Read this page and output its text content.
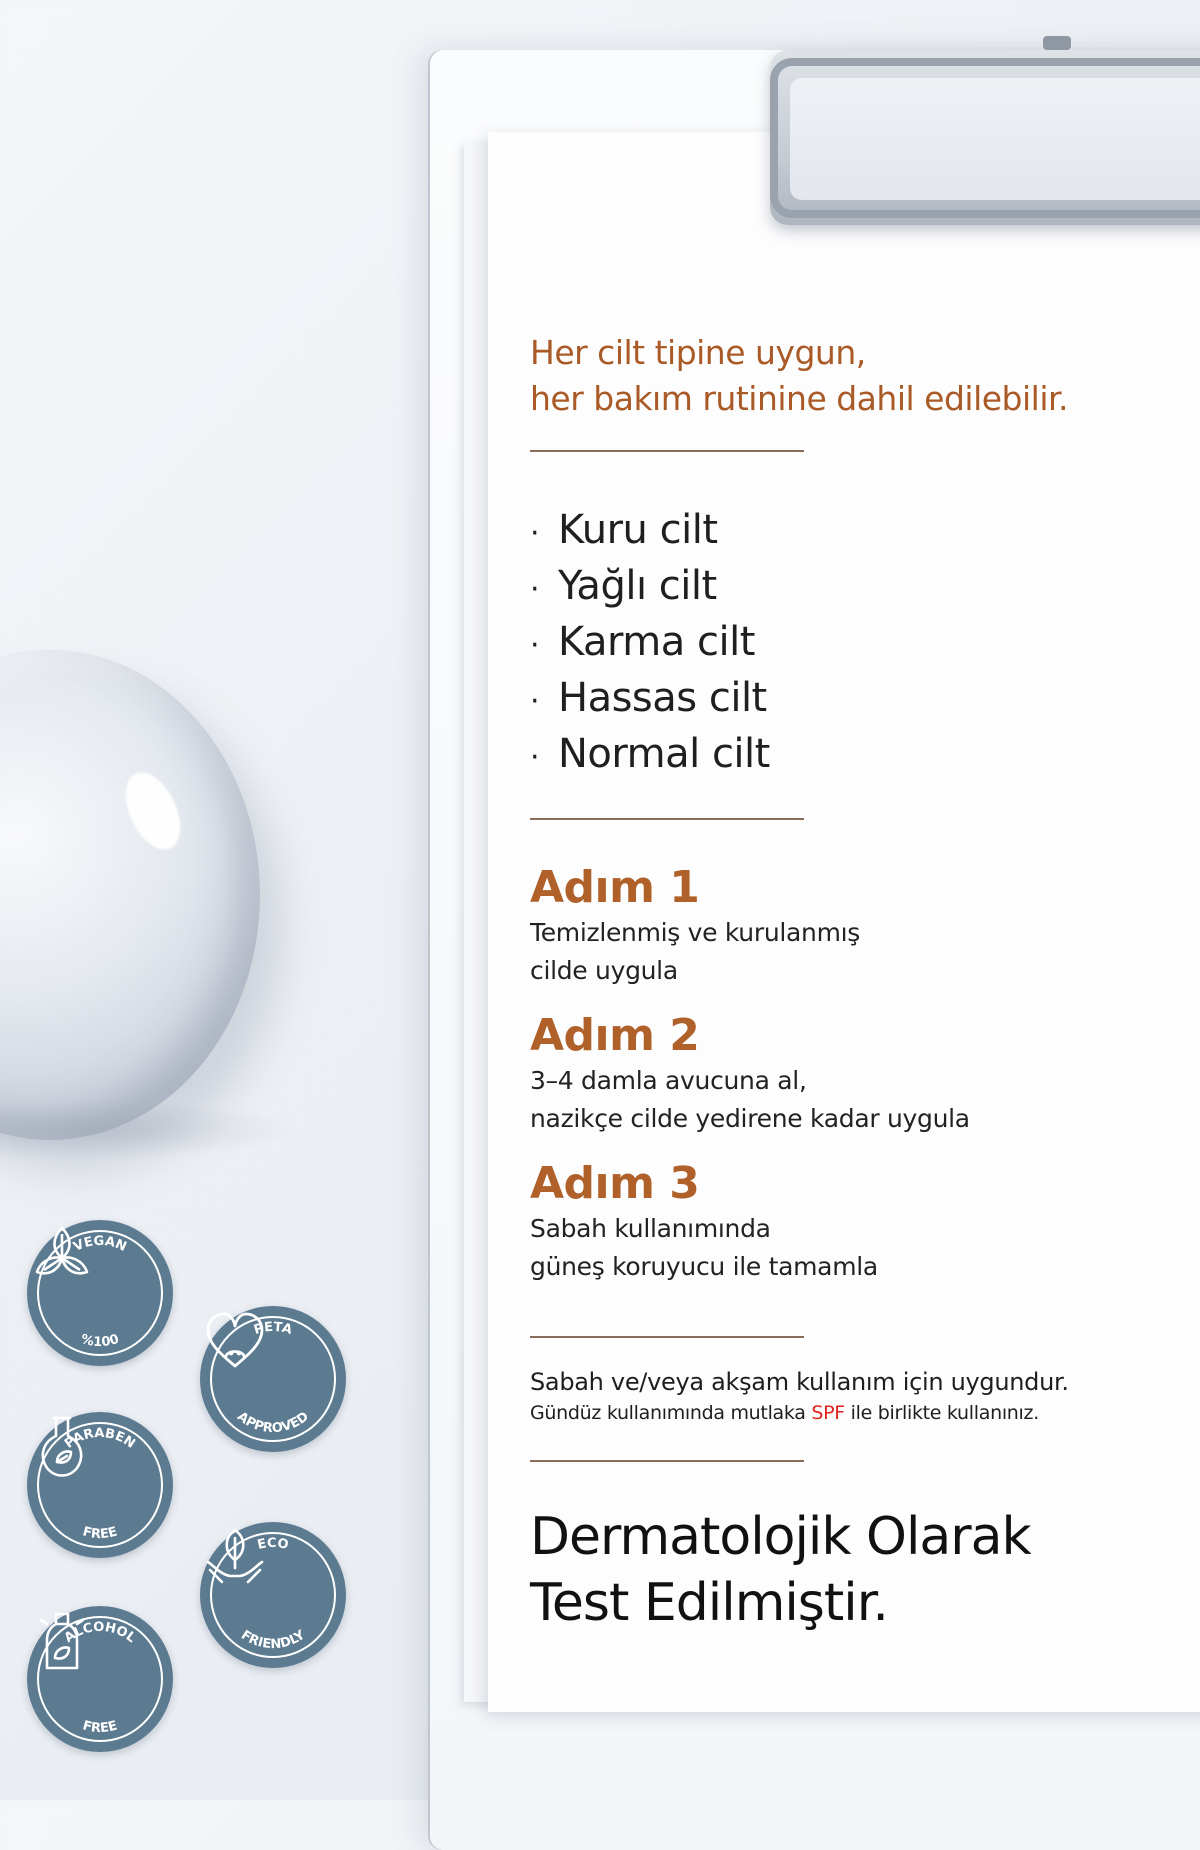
Her cilt tipine uygun,

her bakım rutinine dahil edilebilir.

· Kuru cilt
· Yağlı cilt
· Karma cilt
· Hassas cilt
· Normal cilt

Adım 1

Temizlenmiş ve kurulanmış
cilde uygula

Adım 2

3–4 damla avucuna al,
nazikçe cilde yedirene kadar uygula

Adım 3

Sabah kullanımında
güneş koruyucu ile tamamla

Sabah ve/veya akşam kullanım için uygundur.

Gündüz kullanımında mutlaka SPF ile birlikte kullanınız.

Dermatolojik Olarak
Test Edilmiştir.

VEGAN
%100
PETA
APPROVED
PARABEN
FREE
ECO
FRIENDLY
ALCOHOL
FREE
